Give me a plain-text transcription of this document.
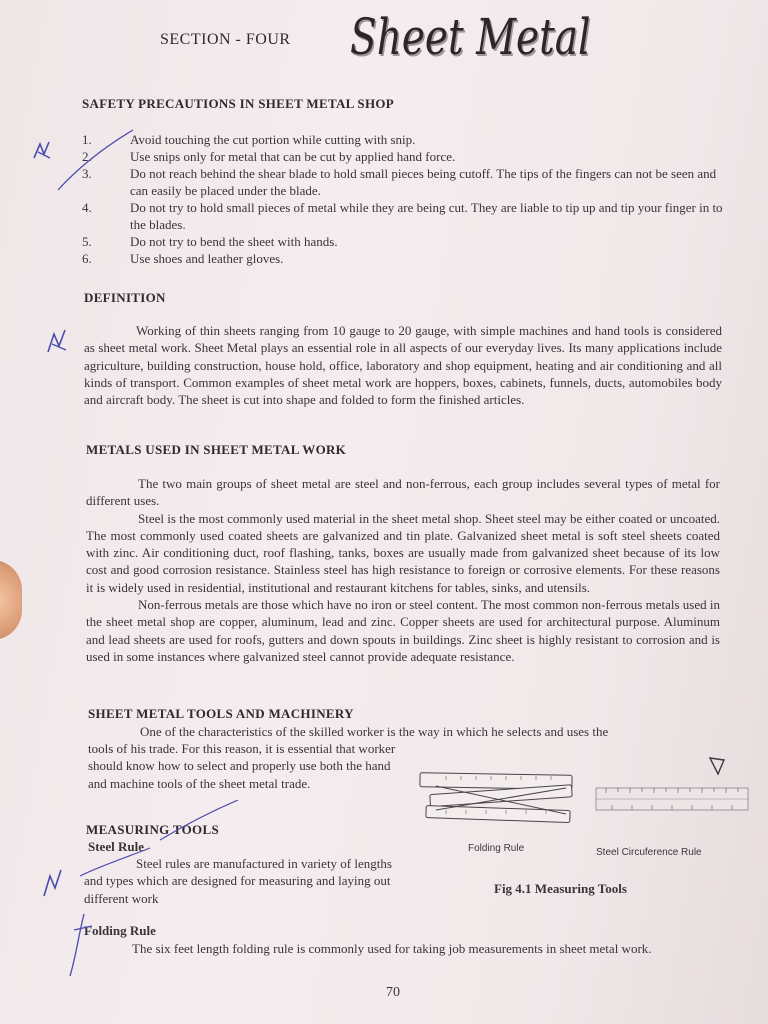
SECTION - FOUR Sheet Metal
SAFETY PRECAUTIONS IN SHEET METAL SHOP
1.	Avoid touching the cut portion while cutting with snip.
2.	Use snips only for metal that can be cut by applied hand force.
3.	Do not reach behind the shear blade to hold small pieces being cutoff. The tips of the fingers can not be seen and can easily be placed under the blade.
4.	Do not try to hold small pieces of metal while they are being cut. They are liable to tip up and tip your finger in to the blades.
5.	Do not try to bend the sheet with hands.
6.	Use shoes and leather gloves.
DEFINITION

Working of thin sheets ranging from 10 gauge to 20 gauge, with simple machines and hand tools is considered as sheet metal work. Sheet Metal plays an essential role in all aspects of our everyday lives. Its many applications include agriculture, building construction, house hold, office, laboratory and shop equipment, heating and air conditioning and all kinds of transport. Common examples of sheet metal work are hoppers, boxes, cabinets, funnels, ducts, automobiles body and aircraft body. The sheet is cut into shape and folded to form the finished articles.

METALS USED IN SHEET METAL WORK

The two main groups of sheet metal are steel and non-ferrous, each group includes several types of metal for different uses.

Steel is the most commonly used material in the sheet metal shop. Sheet steel may be either coated or uncoated. The most commonly used coated sheets are galvanized and tin plate. Galvanized sheet metal is soft steel sheets coated with zinc. Air conditioning duct, roof flashing, tanks, boxes are usually made from galvanized sheet because of its low cost and good corrosion resistance. Stainless steel has high resistance to foreign or corrosive elements. For these reasons it is widely used in residential, institutional and restaurant kitchens for tables, sinks, and utensils.

Non-ferrous metals are those which have no iron or steel content. The most common non-ferrous metals used in the sheet metal shop are copper, aluminum, lead and zinc. Copper sheets are used for architectural purpose. Aluminum and lead sheets are used for roofs, gutters and down spouts in buildings. Zinc sheet is highly resistant to corrosion and is used in some instances where galvanized steel cannot provide adequate resistance.

SHEET METAL TOOLS AND MACHINERY

One of the characteristics of the skilled worker is the way in which he selects and uses the

tools of his trade. For this reason, it is essential that worker should know how to select and properly use both the hand and machine tools of the sheet metal trade.

MEASURING TOOLS
Steel Rule

Steel rules are manufactured in variety of lengths and types which are designed for measuring and laying out different work

Folding Rule

The six feet length folding rule is commonly used for taking job measurements in sheet metal work.

Folding Rule	Steel Circuference Rule
Fig 4.1 Measuring Tools
70
